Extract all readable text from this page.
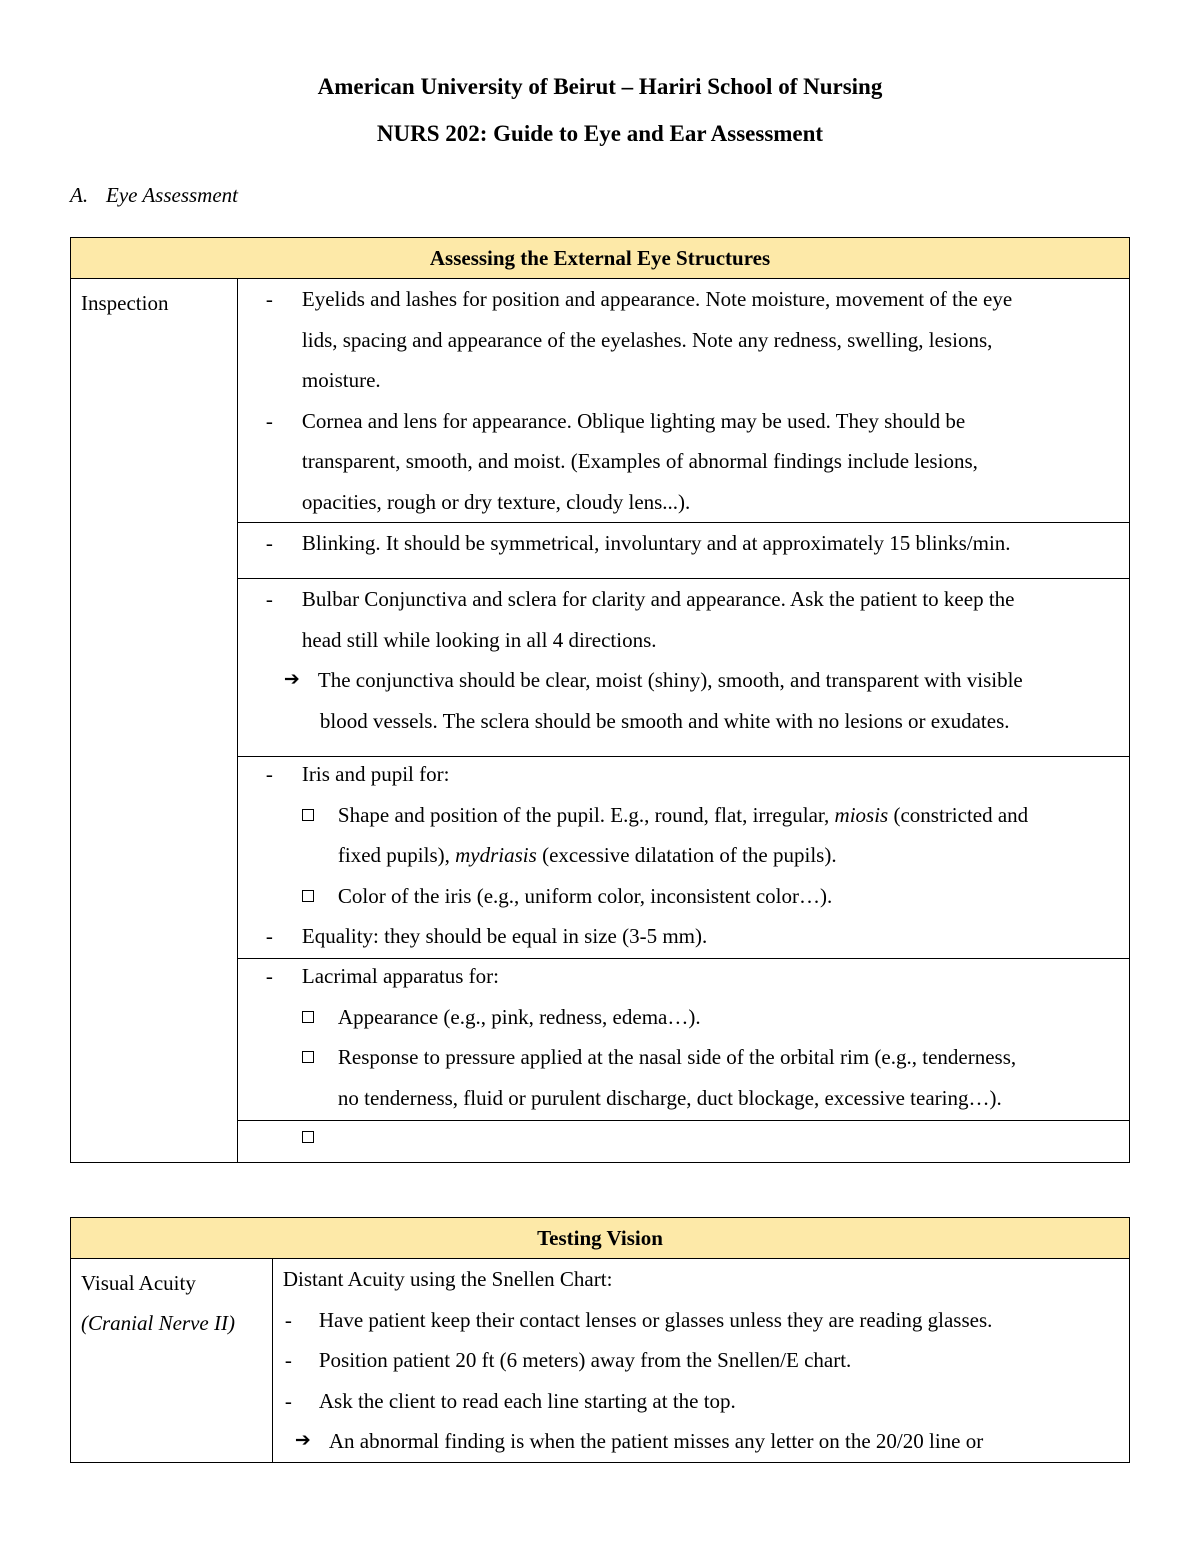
American University of Beirut – Hariri School of Nursing
NURS 202: Guide to Eye and Ear Assessment
A. Eye Assessment
Assessing the External Eye Structures
Inspection	- Eyelids and lashes for position and appearance. Note moisture, movement of the eye
lids, spacing and appearance of the eyelashes. Note any redness, swelling, lesions,
moisture.
- Cornea and lens for appearance. Oblique lighting may be used. They should be
transparent, smooth, and moist. (Examples of abnormal findings include lesions,
opacities, rough or dry texture, cloudy lens...).

- Blinking. It should be symmetrical, involuntary and at approximately 15 blinks/min.

- Bulbar Conjunctiva and sclera for clarity and appearance. Ask the patient to keep the
head still while looking in all 4 directions.
➔ The conjunctiva should be clear, moist (shiny), smooth, and transparent with visible
blood vessels. The sclera should be smooth and white with no lesions or exudates.

- Iris and pupil for:
Shape and position of the pupil. E.g., round, flat, irregular, miosis (constricted and
fixed pupils), mydriasis (excessive dilatation of the pupils).
Color of the iris (e.g., uniform color, inconsistent color…).
- Equality: they should be equal in size (3-5 mm).

- Lacrimal apparatus for:
Appearance (e.g., pink, redness, edema…).
Response to pressure applied at the nasal side of the orbital rim (e.g., tenderness,
no tenderness, fluid or purulent discharge, duct blockage, excessive tearing…).

Testing Vision

Visual Acuity
(Cranial Nerve II)

Distant Acuity using the Snellen Chart:
- Have patient keep their contact lenses or glasses unless they are reading glasses.
- Position patient 20 ft (6 meters) away from the Snellen/E chart.
- Ask the client to read each line starting at the top.
➔ An abnormal finding is when the patient misses any letter on the 20/20 line or
